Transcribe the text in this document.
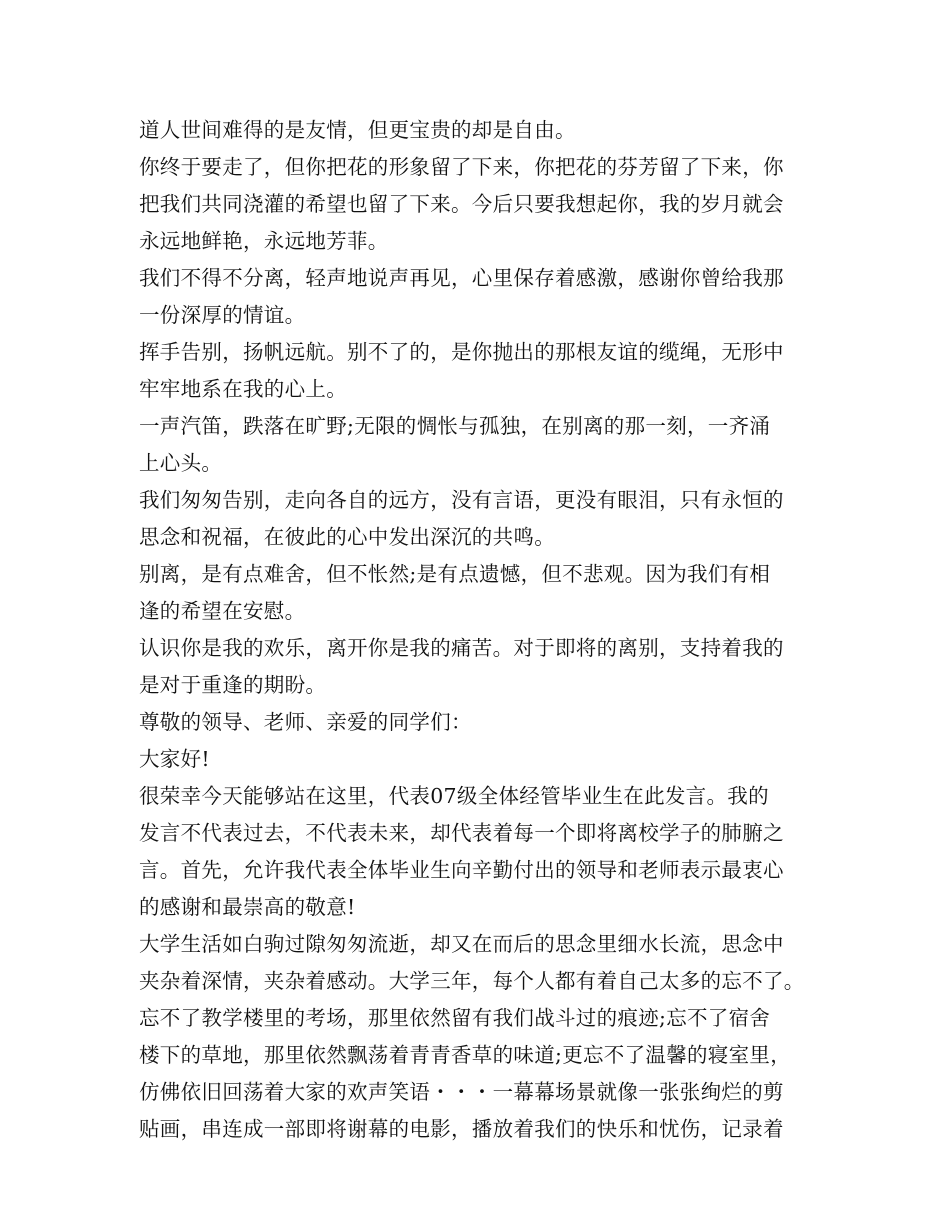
道人世间难得的是友情，但更宝贵的却是自由。
你终于要走了，但你把花的形象留了下来，你把花的芬芳留了下来，你
把我们共同浇灌的希望也留了下来。今后只要我想起你，我的岁月就会
永远地鲜艳，永远地芳菲。
我们不得不分离，轻声地说声再见，心里保存着感激，感谢你曾给我那
一份深厚的情谊。
挥手告别，扬帆远航。别不了的，是你抛出的那根友谊的缆绳，无形中
牢牢地系在我的心上。
一声汽笛，跌落在旷野;无限的惆怅与孤独，在别离的那一刻，一齐涌
上心头。
我们匆匆告别，走向各自的远方，没有言语，更没有眼泪，只有永恒的
思念和祝福，在彼此的心中发出深沉的共鸣。
别离，是有点难舍，但不怅然;是有点遗憾，但不悲观。因为我们有相
逢的希望在安慰。
认识你是我的欢乐，离开你是我的痛苦。对于即将的离别，支持着我的
是对于重逢的期盼。
尊敬的领导、老师、亲爱的同学们：
大家好!
很荣幸今天能够站在这里，代表07级全体经管毕业生在此发言。我的
发言不代表过去，不代表未来，却代表着每一个即将离校学子的肺腑之
言。首先，允许我代表全体毕业生向辛勤付出的领导和老师表示最衷心
的感谢和最崇高的敬意!
大学生活如白驹过隙匆匆流逝，却又在而后的思念里细水长流，思念中
夹杂着深情，夹杂着感动。大学三年，每个人都有着自己太多的忘不了。
忘不了教学楼里的考场，那里依然留有我们战斗过的痕迹;忘不了宿舍
楼下的草地，那里依然飘荡着青青香草的味道;更忘不了温馨的寝室里，
仿佛依旧回荡着大家的欢声笑语・・・一幕幕场景就像一张张绚烂的剪
贴画，串连成一部即将谢幕的电影，播放着我们的快乐和忧伤，记录着
